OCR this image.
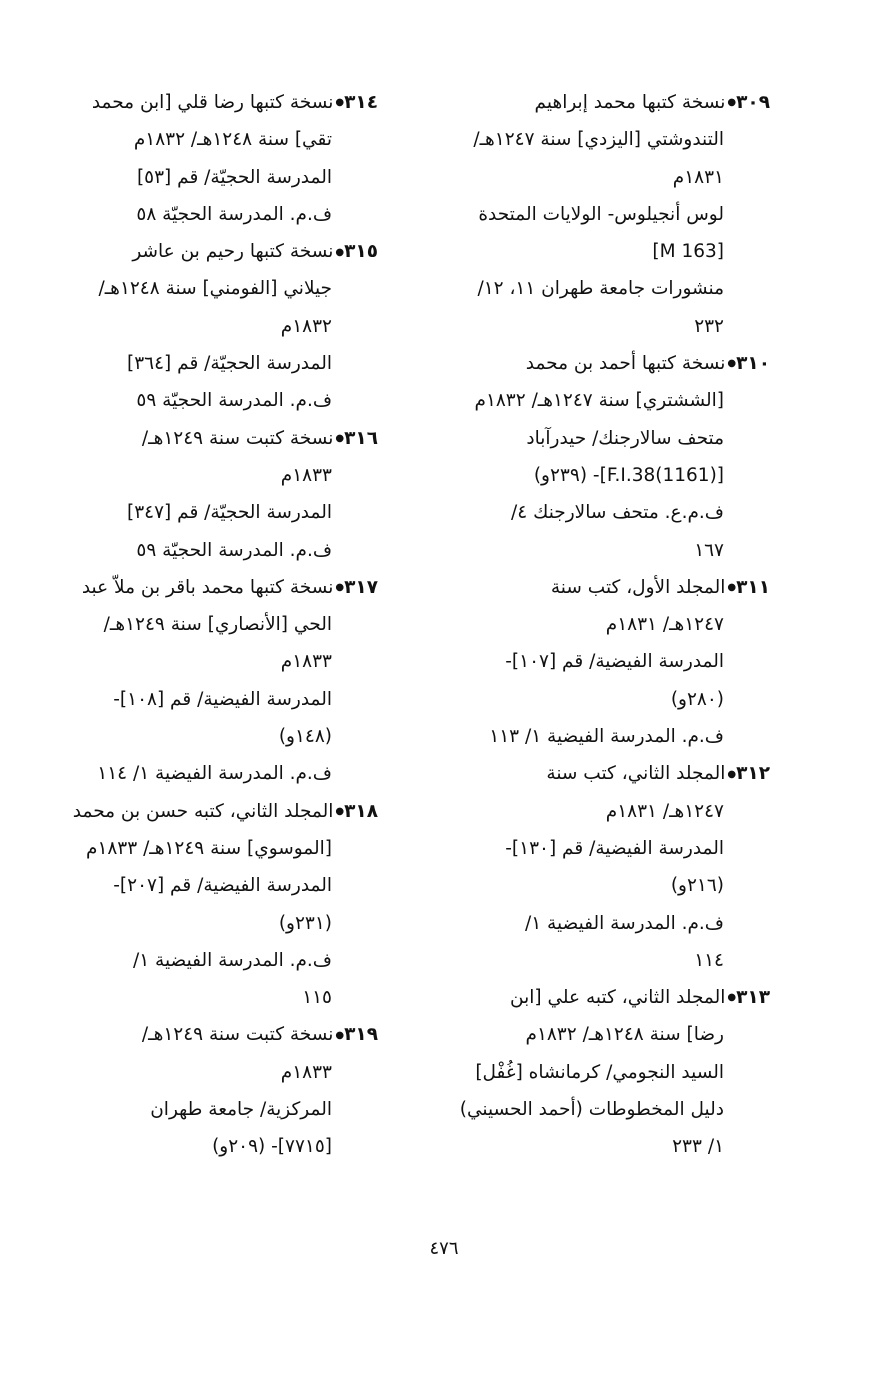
٣٠٩●نسخة كتبها محمد إبراهيم
التندوشتي [اليزدي] سنة ١٢٤٧هـ/
١٨٣١م
لوس أنجيلوس- الولايات المتحدة
[M 163]
منشورات جامعة طهران ١١، ١٢/
٢٣٢
٣١٠●نسخة كتبها أحمد بن محمد
[الششتري] سنة ١٢٤٧هـ/ ١٨٣٢م
متحف سالارجنك/ حيدرآباد
[(1161)F.I.38]- (٢٣٩و)
ف.م.ع. متحف سالارجنك ٤/
١٦٧
٣١١●المجلد الأول، كتب سنة
١٢٤٧هـ/ ١٨٣١م
المدرسة الفيضية/ قم [١٠٧]-
(٢٨٠و)
ف.م. المدرسة الفيضية ١/ ١١٣
٣١٢●المجلد الثاني، كتب سنة
١٢٤٧هـ/ ١٨٣١م
المدرسة الفيضية/ قم [١٣٠]-
(٢١٦و)
ف.م. المدرسة الفيضية ١/
١١٤
٣١٣●المجلد الثاني، كتبه علي [ابن
رضا] سنة ١٢٤٨هـ/ ١٨٣٢م
السيد النجومي/ كرمانشاه [غُفْل]
دليل المخطوطات (أحمد الحسيني)
١/ ٢٣٣
٣١٤●نسخة كتبها رضا قلي [ابن محمد
تقي] سنة ١٢٤٨هـ/ ١٨٣٢م
المدرسة الحجيّة/ قم [٥٣]
ف.م. المدرسة الحجيّة ٥٨
٣١٥●نسخة كتبها رحيم بن عاشر
جيلاني [الفومني] سنة ١٢٤٨هـ/
١٨٣٢م
المدرسة الحجيّة/ قم [٣٦٤]
ف.م. المدرسة الحجيّة ٥٩
٣١٦●نسخة كتبت سنة ١٢٤٩هـ/
١٨٣٣م
المدرسة الحجيّة/ قم [٣٤٧]
ف.م. المدرسة الحجيّة ٥٩
٣١٧●نسخة كتبها محمد باقر بن ملاّ عبد
الحي [الأنصاري] سنة ١٢٤٩هـ/
١٨٣٣م
المدرسة الفيضية/ قم [١٠٨]-
(١٤٨و)
ف.م. المدرسة الفيضية ١/ ١١٤
٣١٨●المجلد الثاني، كتبه حسن بن محمد
[الموسوي] سنة ١٢٤٩هـ/ ١٨٣٣م
المدرسة الفيضية/ قم [٢٠٧]-
(٢٣١و)
ف.م. المدرسة الفيضية ١/
١١٥
٣١٩●نسخة كتبت سنة ١٢٤٩هـ/
١٨٣٣م
المركزية/ جامعة طهران
[٧٧١٥]- (٢٠٩و)
٤٧٦
